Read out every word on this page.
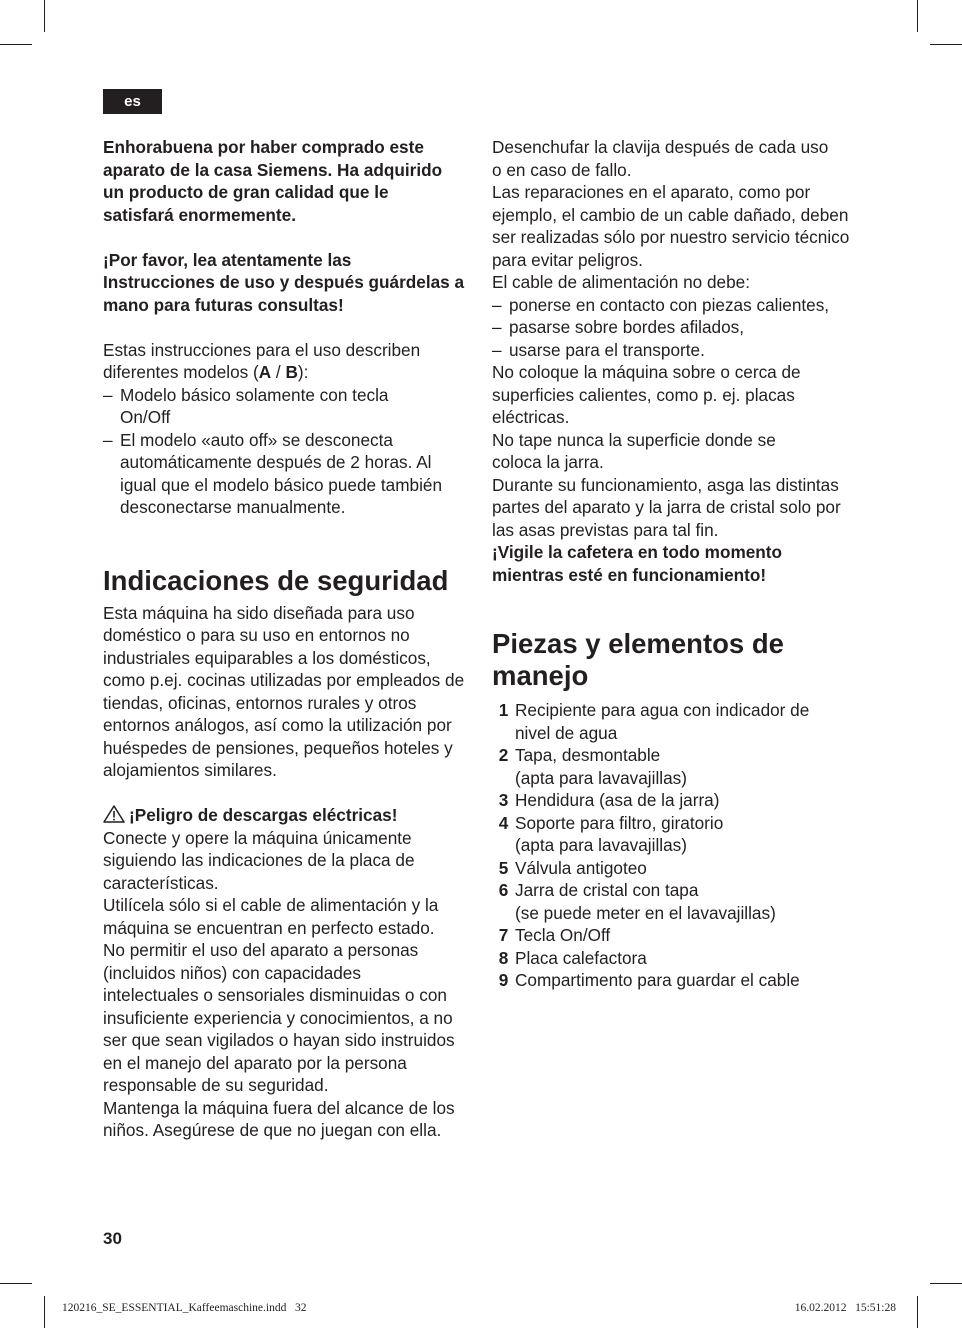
es

Enhorabuena por haber comprado este aparato de la casa Siemens. Ha adquirido un producto de gran calidad que le satisfará enormemente.

¡Por favor, lea atentamente las Instrucciones de uso y después guárdelas a mano para futuras consultas!

Estas instrucciones para el uso describen diferentes modelos (A / B):

– Modelo básico solamente con tecla On/Off
– El modelo «auto off» se desconecta automáticamente después de 2 horas. Al igual que el modelo básico puede también desconectarse manualmente.
Indicaciones de seguridad

Esta máquina ha sido diseñada para uso doméstico o para su uso en entornos no industriales equiparables a los domésticos, como p.ej. cocinas utilizadas por empleados de tiendas, oficinas, entornos rurales y otros entornos análogos, así como la utilización por huéspedes de pensiones, pequeños hoteles y alojamientos similares.

¡Peligro de descargas eléctricas!

Conecte y opere la máquina únicamente siguiendo las indicaciones de la placa de características.

Utilícela sólo si el cable de alimentación y la máquina se encuentran en perfecto estado.

No permitir el uso del aparato a personas (incluidos niños) con capacidades intelectuales o sensoriales disminuidas o con insuficiente experiencia y conocimientos, a no ser que sean vigilados o hayan sido instruidos en el manejo del aparato por la persona responsable de su seguridad.

Mantenga la máquina fuera del alcance de los niños. Asegúrese de que no juegan con ella.

Desenchufar la clavija después de cada uso o en caso de fallo.

Las reparaciones en el aparato, como por ejemplo, el cambio de un cable dañado, deben ser realizadas sólo por nuestro servicio técnico para evitar peligros.

El cable de alimentación no debe:

– ponerse en contacto con piezas calientes,
– pasarse sobre bordes afilados,
– usarse para el transporte.

No coloque la máquina sobre o cerca de superficies calientes, como p. ej. placas eléctricas.

No tape nunca la superficie donde se coloca la jarra.

Durante su funcionamiento, asga las distintas partes del aparato y la jarra de cristal solo por las asas previstas para tal fin.

¡Vigile la cafetera en todo momento mientras esté en funcionamiento!

Piezas y elementos de manejo
1 Recipiente para agua con indicador de nivel de agua
2 Tapa, desmontable
(apta para lavavajillas)
3 Hendidura (asa de la jarra)
4 Soporte para filtro, giratorio
(apta para lavavajillas)
5 Válvula antigoteo
6 Jarra de cristal con tapa
(se puede meter en el lavavajillas)
7 Tecla On/Off
8 Placa calefactora
9 Compartimento para guardar el cable
30
120216_SE_ESSENTIAL_Kaffeemaschine.indd   32	16.02.2012   15:51:28
